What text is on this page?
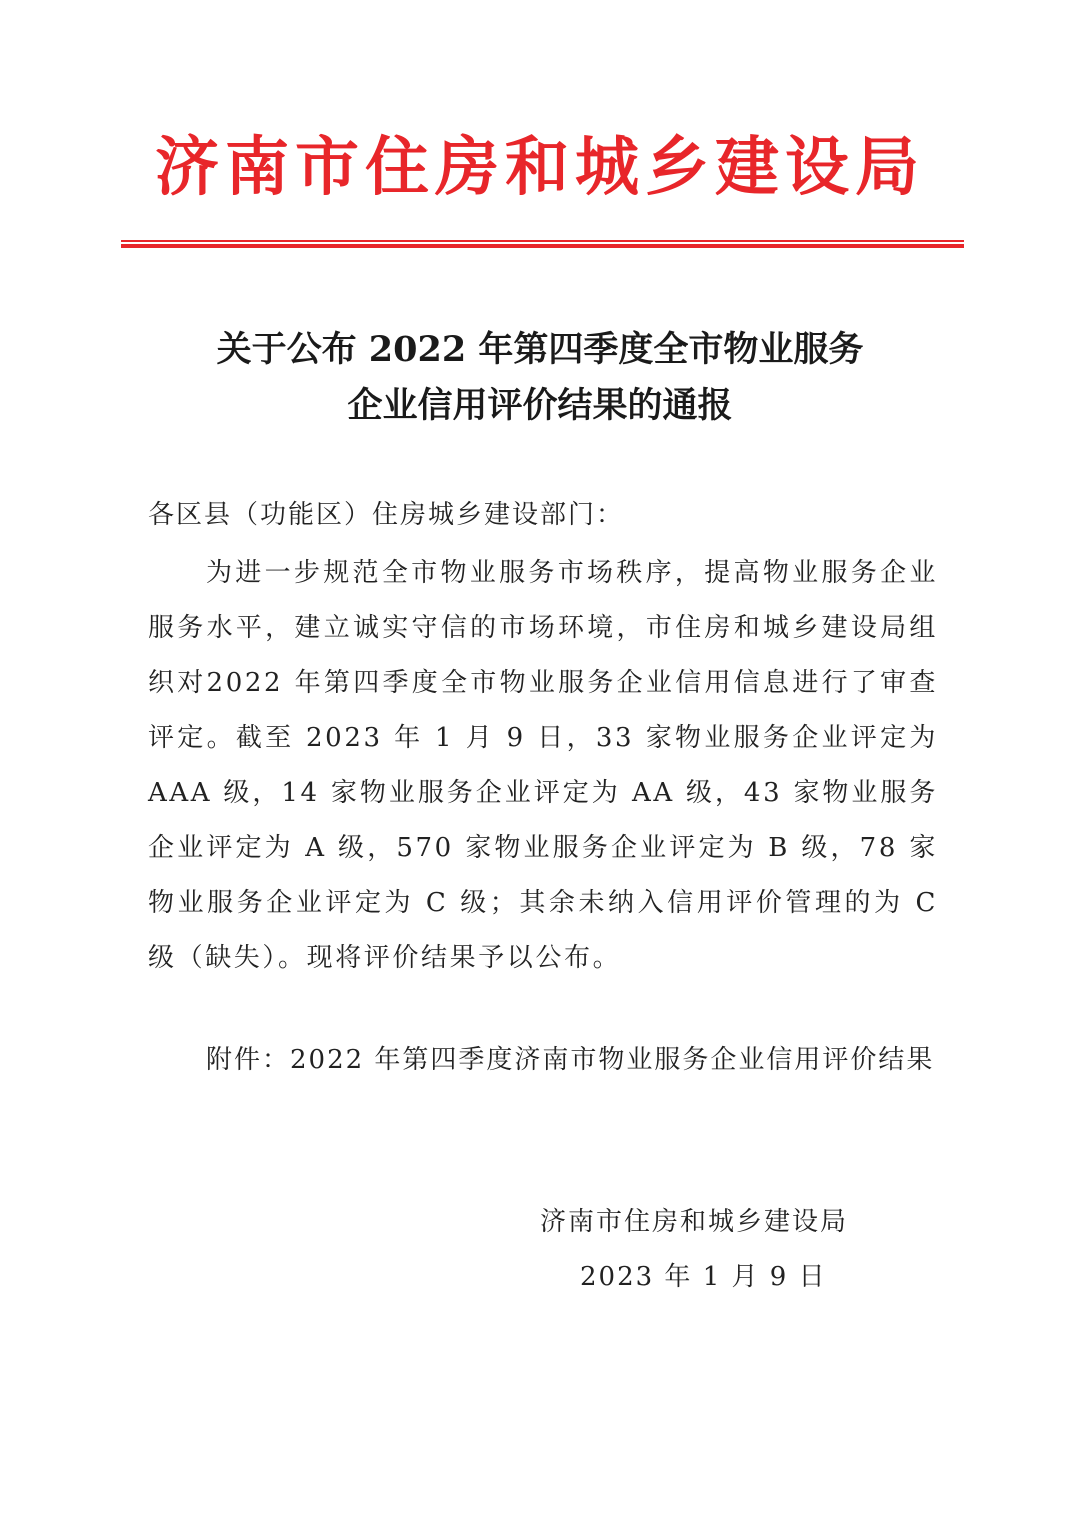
济南市住房和城乡建设局
关于公布 2022 年第四季度全市物业服务
企业信用评价结果的通报
各区县（功能区）住房城乡建设部门：
为进一步规范全市物业服务市场秩序，提高物业服务企业服务水平，建立诚实守信的市场环境，市住房和城乡建设局组织对2022 年第四季度全市物业服务企业信用信息进行了审查评定。截至 2023 年 1 月 9 日，33 家物业服务企业评定为 AAA 级，14 家物业服务企业评定为 AA 级，43 家物业服务企业评定为 A 级，570 家物业服务企业评定为 B 级，78 家物业服务企业评定为 C 级；其余未纳入信用评价管理的为 C 级（缺失）。现将评价结果予以公布。
附件：2022 年第四季度济南市物业服务企业信用评价结果
济南市住房和城乡建设局
2023 年 1 月 9 日
